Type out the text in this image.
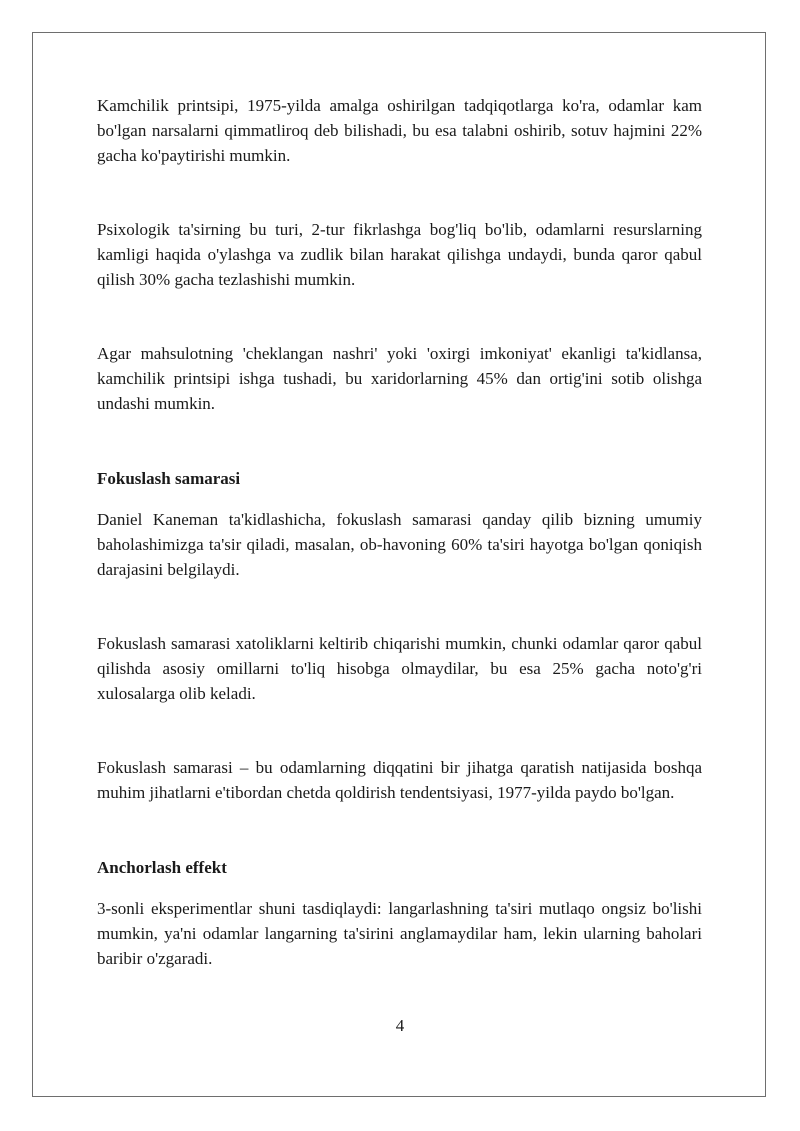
Kamchilik printsipi, 1975-yilda amalga oshirilgan tadqiqotlarga ko'ra, odamlar kam bo'lgan narsalarni qimmatliroq deb bilishadi, bu esa talabni oshirib, sotuv hajmini 22% gacha ko'paytirishi mumkin.

Psixologik ta'sirning bu turi, 2-tur fikrlashga bog'liq bo'lib, odamlarni resurslarning kamligi haqida o'ylashga va zudlik bilan harakat qilishga undaydi, bunda qaror qabul qilish 30% gacha tezlashishi mumkin.

Agar mahsulotning 'cheklangan nashri' yoki 'oxirgi imkoniyat' ekanligi ta'kidlansa, kamchilik printsipi ishga tushadi, bu xaridorlarning 45% dan ortig'ini sotib olishga undashi mumkin.

Fokuslash samarasi

Daniel Kaneman ta'kidlashicha, fokuslash samarasi qanday qilib bizning umumiy baholashimizga ta'sir qiladi, masalan, ob-havoning 60% ta'siri hayotga bo'lgan qoniqish darajasini belgilaydi.

Fokuslash samarasi xatoliklarni keltirib chiqarishi mumkin, chunki odamlar qaror qabul qilishda asosiy omillarni to'liq hisobga olmaydilar, bu esa 25% gacha noto'g'ri xulosalarga olib keladi.

Fokuslash samarasi – bu odamlarning diqqatini bir jihatga qaratish natijasida boshqa muhim jihatlarni e'tibordan chetda qoldirish tendentsiyasi, 1977-yilda paydo bo'lgan.

Anchorlash effekt

3-sonli eksperimentlar shuni tasdiqlaydi: langarlashning ta'siri mutlaqo ongsiz bo'lishi mumkin, ya'ni odamlar langarning ta'sirini anglamaydilar ham, lekin ularning baholari baribir o'zgaradi.

4
